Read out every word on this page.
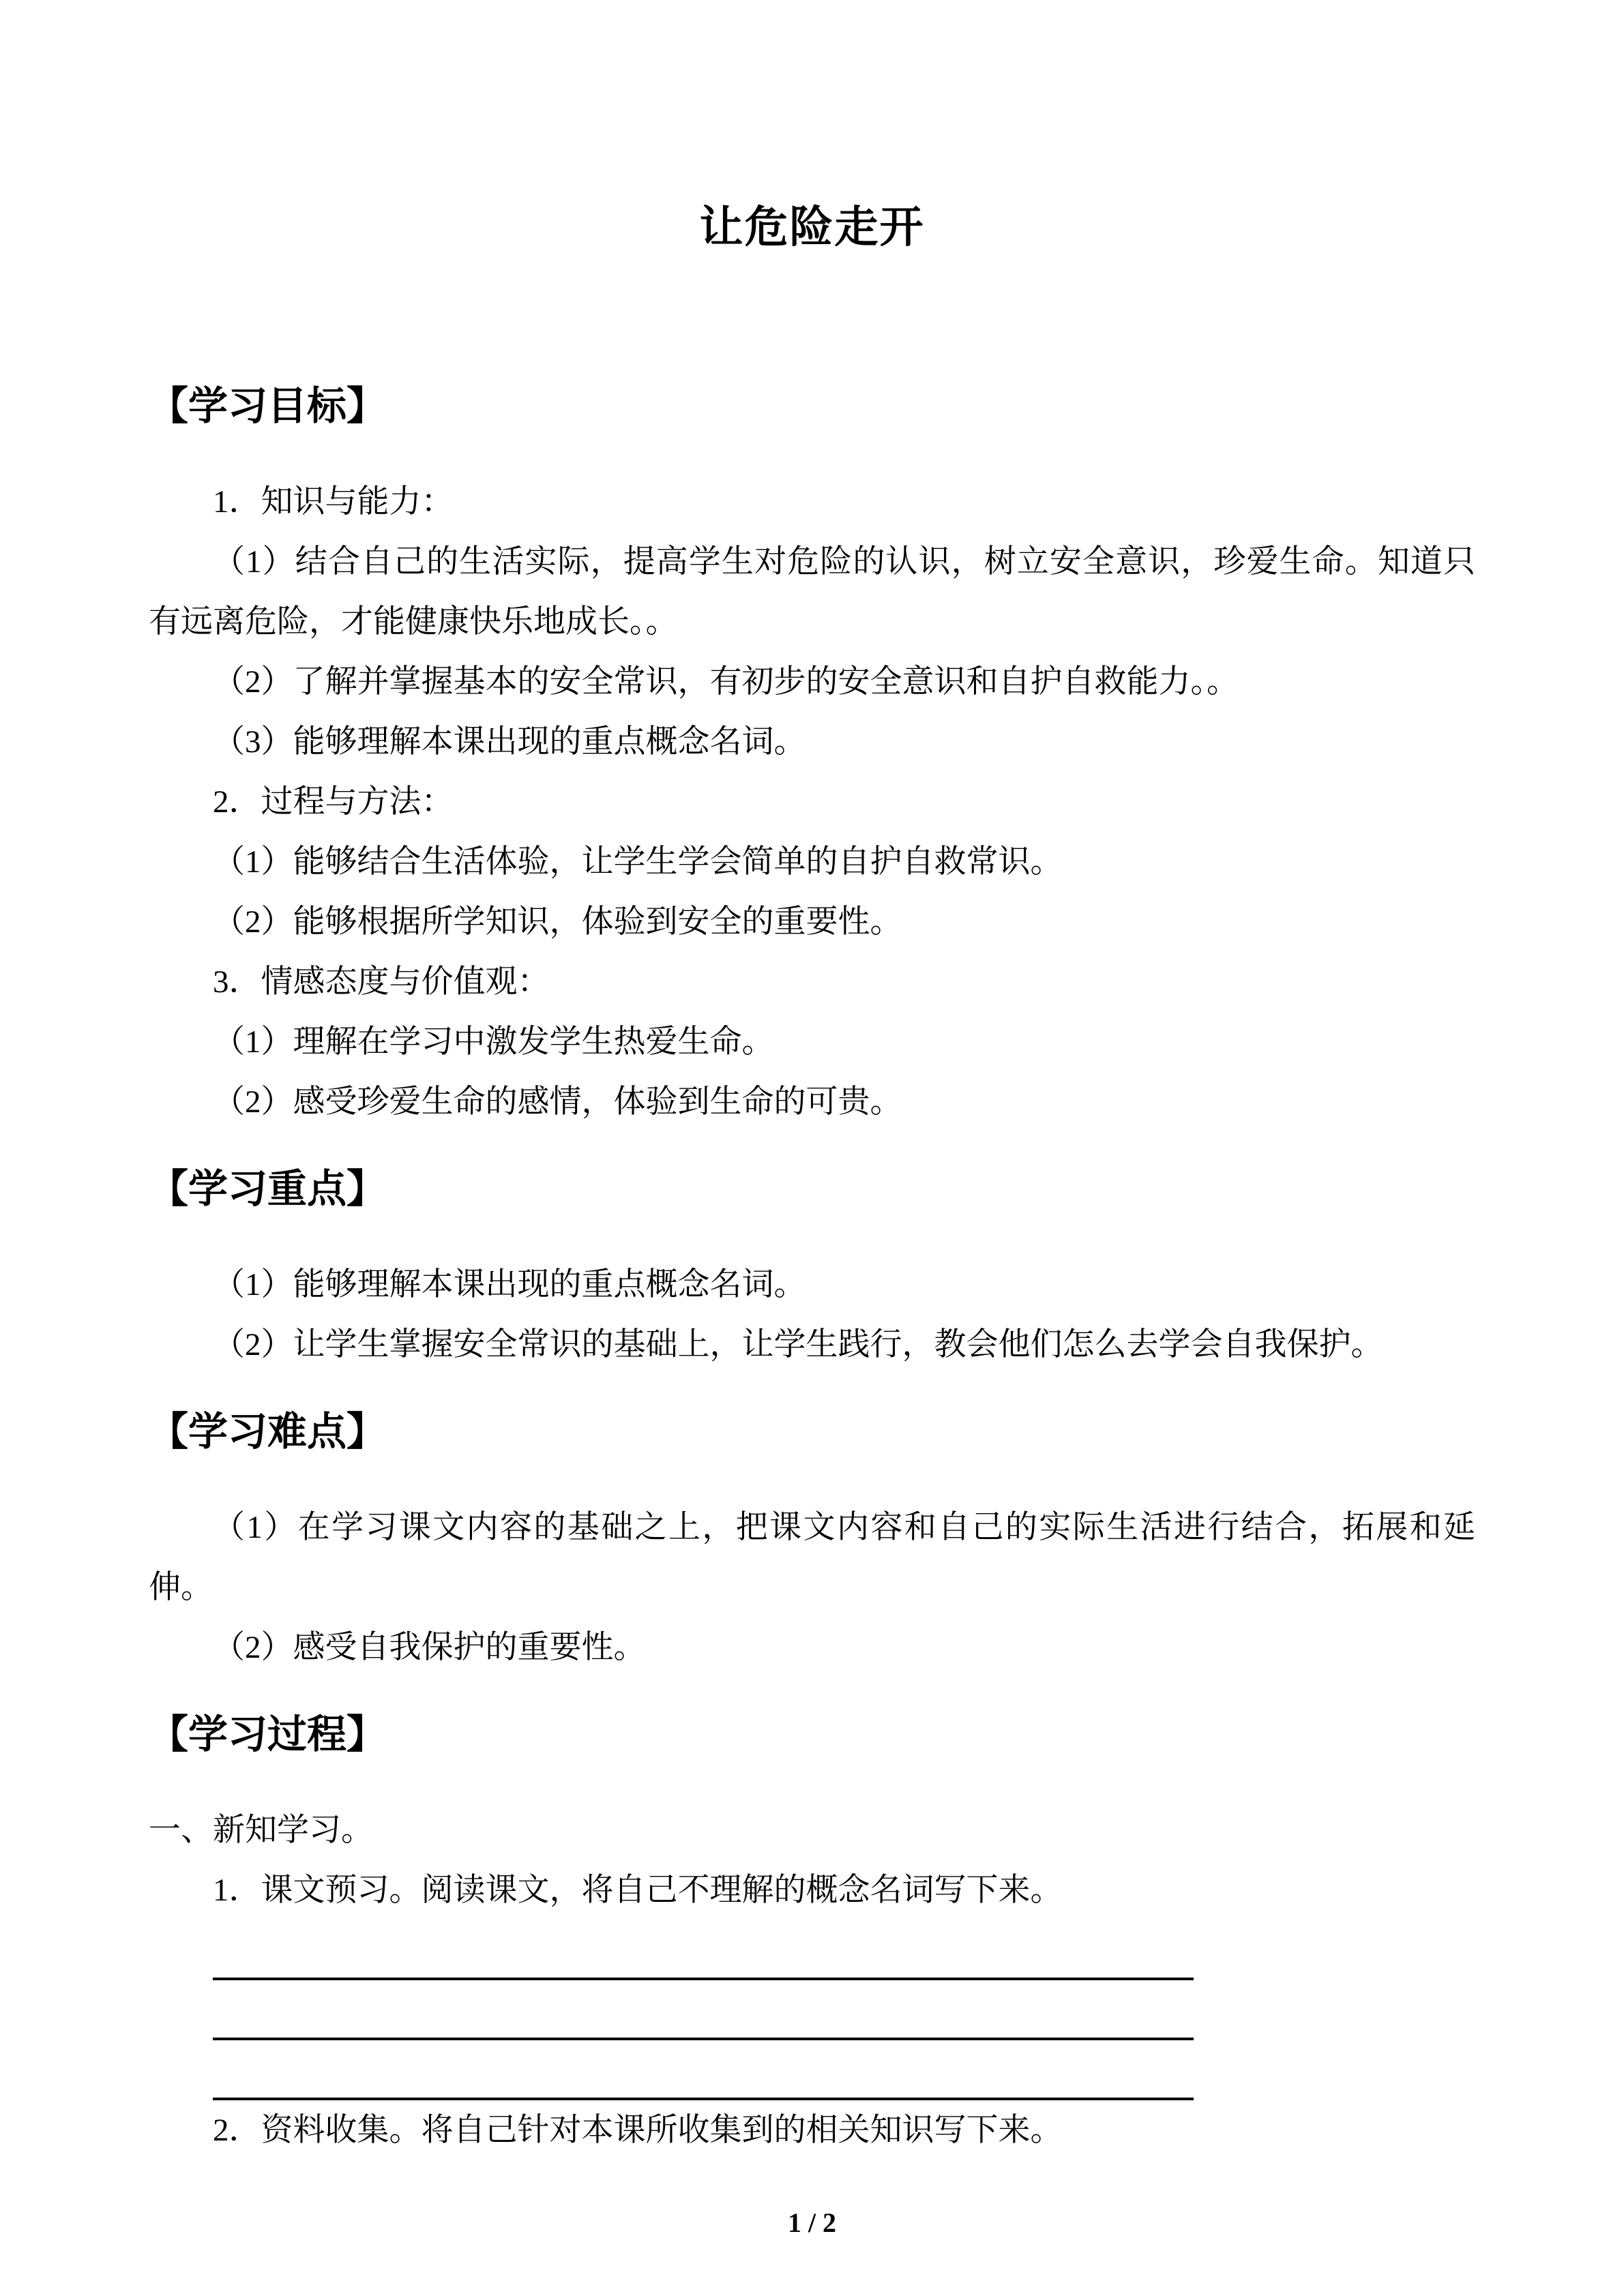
让危险走开
【学习目标】

1．知识与能力：

（1）结合自己的生活实际，提高学生对危险的认识，树立安全意识，珍爱生命。知道只有远离危险，才能健康快乐地成长。。

（2）了解并掌握基本的安全常识，有初步的安全意识和自护自救能力。。

（3）能够理解本课出现的重点概念名词。

2．过程与方法：

（1）能够结合生活体验，让学生学会简单的自护自救常识。

（2）能够根据所学知识，体验到安全的重要性。

3．情感态度与价值观：

（1）理解在学习中激发学生热爱生命。

（2）感受珍爱生命的感情，体验到生命的可贵。

【学习重点】

（1）能够理解本课出现的重点概念名词。

（2）让学生掌握安全常识的基础上，让学生践行，教会他们怎么去学会自我保护。

【学习难点】

（1）在学习课文内容的基础之上，把课文内容和自己的实际生活进行结合，拓展和延伸。

（2）感受自我保护的重要性。

【学习过程】

一、新知学习。

1．课文预习。阅读课文，将自己不理解的概念名词写下来。

2．资料收集。将自己针对本课所收集到的相关知识写下来。

1 / 2
